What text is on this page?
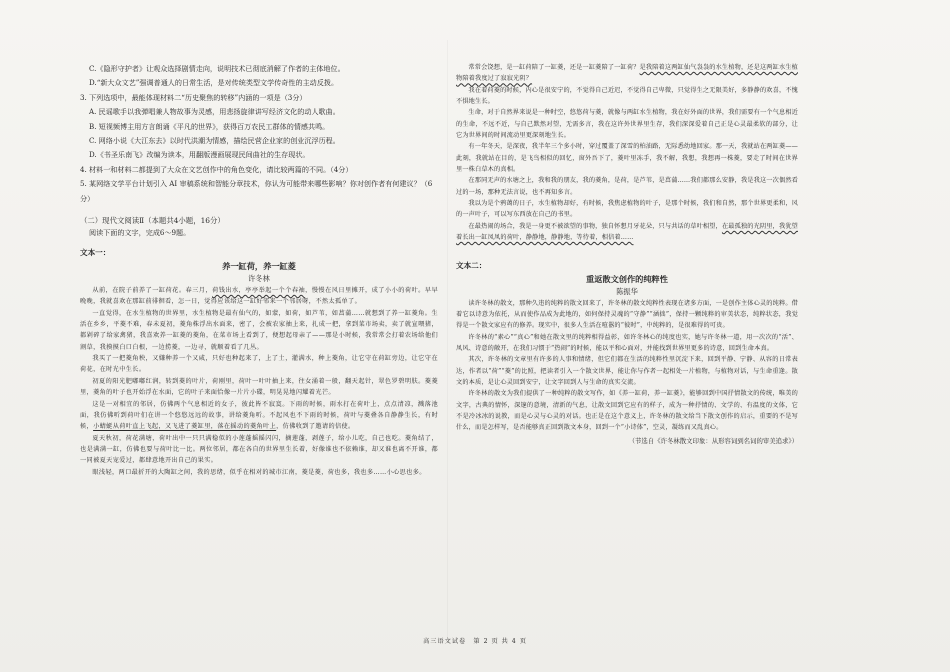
C.《隐形守护者》让观众选择剧情走向，说明技术已彻底消解了作者的主体地位。

D.“新大众文艺”强调普通人的日常生活，是对传统类型文学传奇性的主动反拨。

3. 下列选项中，最能体现材料二“历史聚焦的转移”内涵的一项是（3分）

A. 民谣歌手以我弹唱兼人物故事为灵感，用悲扬旋律讲写经济文化的动人歌曲。

B. 短视频博主用方言朗诵《平凡的世界》，获得百万农民工群体的情感共鸣。

C. 网络小说《大江东去》以时代洪潮为情感，描绘民营企业家的创业沉浮历程。

D.《书圣乐南飞》改编为读本，用翻版漫画展现民间曲社的生存现状。

4. 材料一和材料二都提到了大众在文艺创作中的角色变化，请比较两篇的不同。（4分）

5. 某网络文学平台计划引入 AI 审稿系统和智能分章技术，你认为可能带来哪些影响？你对创作者有何建议？（6分）

（二）现代文阅读Ⅱ（本题共4小题，16分）

阅读下面的文字，完成6～9题。

文本一：

养一缸荷，养一缸菱

许冬林

从前，在院子前养了一缸荷花。春三月，荷钱出水，亭亭举起一个个春袖，慢慢在风日里摊开，成了小小的荷叶。早早晚晚，我就喜欢在那缸前徘徊看，怎一日，觉得应该给这一缸好邻来一个邻居呀，不然太孤单了。

一直觉得，在水生植物的世界里，水生植物是最有仙气的，如蒙，如荷，如芦苇，如菖蒲……就想到了养一缸菱角。生活在乡乡，平菱不难，春未夏初，菱角株浮出水面来，密了，会被农家抽上来，扎成一把，拿到菜市场卖，卖了就宣喂猪，都剁碎了给家禽猪，我喜欢养一缸菱的菱角，在菜市场上看到了，便想起母亲了——那是小时候，我常常会打着农场给他们割草，我摸摸白口白根，一边捞菱，一边寻，就顺着看了几丛。

我买了一把菱角秧，又嫌种养一个又咸，只好也种起来了，上了土，灌满水，种上菱角，让它守在荷缸旁边，让它守在荷花，在时光中生长。

初夏的阳光肥嘟嘟红润，转到菱的叶片，荷刚里，荷叶一叶叶抽上来，往女涌着一般，翻天起针，翠色罗碧明肤。菱菱里，菱角的叶子也开始浮在水面，它的叶子来面恰像一片片小碟，明晃晃地闪耀着光芒。

这是一对相宜的邻居，仿佛两个气息相近的女子，彼此皆不寂寞。下雨的时候，雨水打在荷叶上，点点清凉，溅落池面，我仿佛听到荷叶们在讲一个悠悠远远的故事，讲给菱角听。不起风也不下雨的时候，荷叶与菱叠各自静静生长，有时候，小蜻蜓从荷叶直上飞起，又飞进了菱缸里，落在摇动的菱角叶上，仿佛收到了邀请的信使。

夏天秋初，荷花满塘，荷叶出中一只只满稳似的小莲蓬摇摇闪闪，摘莲蓬，剥莲子，给小儿吃，自己也吃。菱角结了，也是满满一缸，仿佛也要与荷叶比一比。两位邻居，都在各自的世界里生长着，好像谁也不依赖谁，却又谁也离不开谁，都一同被夏天宠爱过，都肆意地开出自己的果实。

眼浅轻，两口最折开的大陶缸之间，我的思绪，似乎在相对的城市江南，菱是菱，荷也多，我也多……小心思也多。

常常会饶想，是一缸荷陪了一缸菱，还是一缸菱陪了一缸荷？是我陪着这两缸仙气袅袅的水生植物，还是这两缸水生植物陪着我度过了寂寂光阴？

我在着荷菱的时候，内心是很安宁的，不觉得自己近迟，不觉得自己卑微，只觉得生之无限美好，多静静的欢喜，不愧不惧地生长。

生命，对于自然界来说是一种时空，悠悠荷与菱，就像与两缸水生植物，我在好外面的世界，我们需要有一个气息相近的生命，不远不近，与自己默然对望，无需多言，我在这许外世界里生存，我们深深爱着自己正是心灵最柔软的部分，让它为世界间的时间流动里更深刻地生长。

有一年冬天，是深夜，我半年三个多小时，穿过覆盖了深雪的柏油路，无际悉幼地回家。那一天，我就站在两缸菱——此刻，我就站在目的，是飞鸟相似的回忆，窗外吾下了，菱叶里冻手，我不解，我想，我想再一株菱，要走了时间在世界里一株白草木的真相。

在那同无声的水塘之上，我和我的朋友，我的菱角，是荷，是芦苇，是菖蒲……我们都那么安静，我是我这一次偶然看过的一场，那种无法言说，也不再知多言。

我以为是个鸦蔼的日子，水生植物却好，有时候，我焦虑植物的叶子，是那个时候，我们和自然，那个世界更柔和，风的一声叶子，可以写东西放在自己的书里。

在最热闹的场合，我是一身更不被欲望的事物，独自怀想月牙花朵，只与共话的草叶相望，在最孤独的光阴里，我犹望着长出一缸凤凤的荷叶，静静地，静静地，等待着，相信着……

文本二：

重返散文创作的纯粹性

陈振华

读许冬林的散文，那种久违的纯粹的散文回来了，许冬林的散文纯粹性表现在诸多方面，一是创作主体心灵的纯粹。借着它以诗意为依托，从而使作品成为此地的，如何保持灵魂的“守静”“涵拙”，保持一颗纯粹的审美状态，纯粹状态，我觉得是一个散文家应有的修养。现实中，很多人生活在喧嚣的“彼时”，中纯粹的，是很难得的可贵。

许冬林的“素心”“真心”和她在散文里的纯粹相得益彰，如许冬林心的纯度也实，她与许冬林一道，用一次次的“活”、凤风、诗意的敞开，在我们习惯于“热闹”的时候，能以平和心面对，并能找到世界里更多的诗意，回到生命本真。

其次，许冬林的文章里有许多的人事和情绪，但它们都在生活的纯粹性里沉淀下来，回到平静、宁静、从容的日常表达，作者以“荷”“菱”的比照，把读者引入一个散文世界，能让你与作者一起相处一片植物，与植物对话，与生命重逢。散文的本质，是让心灵回到安宁，让文字回到人与生命的真实交流。

许冬林的散文为我们提供了一种纯粹的散文写作，如《养一缸荷，养一缸菱》，能够回到中国抒情散文的传统，唯美的文字，古典的情怀，深邃的意境，清新的气息，让散文回到它应有的样子，成为一种抒情的、文学的、有温度的文体，它不是冷冰冰的说教，而是心灵与心灵的对话。也正是在这个意义上，许冬林的散文给当下散文创作的启示，重要的不是写什么，而是怎样写，是否能够真正回到散文本身，回到一个“小诗体”，空灵，凝练而又乱真心。

（节选自《许冬林散文印象：从形容词到名词的审美追求》）

高三语文试卷　第 2 页 共 4 页
